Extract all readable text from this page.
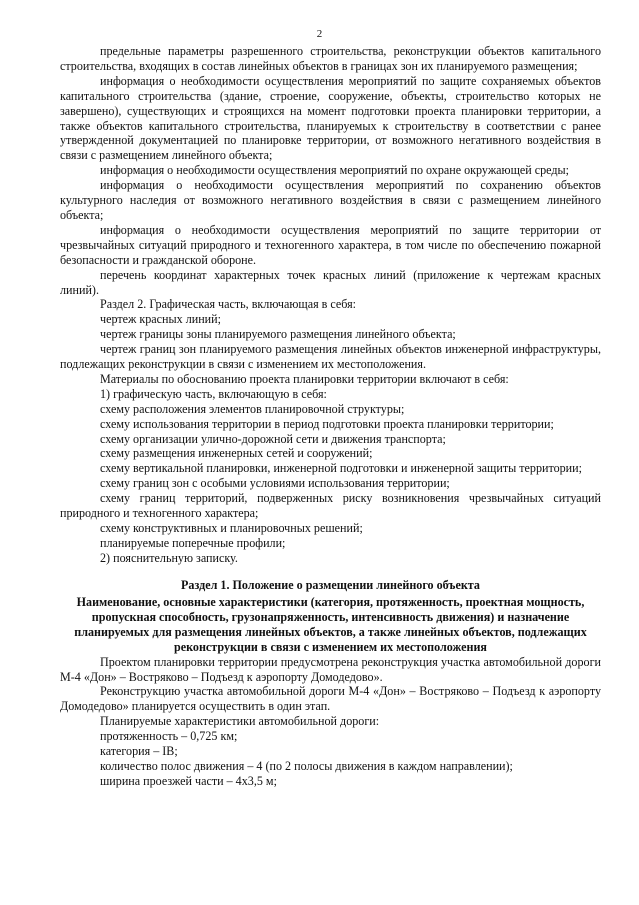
2

предельные параметры разрешенного строительства, реконструкции объектов капитального строительства, входящих в состав линейных объектов в границах зон их планируемого размещения;

информация о необходимости осуществления мероприятий по защите сохраняемых объектов капитального строительства (здание, строение, сооружение, объекты, строительство которых не завершено), существующих и строящихся на момент подготовки проекта планировки территории, а также объектов капитального строительства, планируемых к строительству в соответствии с ранее утвержденной документацией по планировке территории, от возможного негативного воздействия в связи с размещением линейного объекта;

информация о необходимости осуществления мероприятий по охране окружающей среды;

информация о необходимости осуществления мероприятий по сохранению объектов культурного наследия от возможного негативного воздействия в связи с размещением линейного объекта;

информация о необходимости осуществления мероприятий по защите территории от чрезвычайных ситуаций природного и техногенного характера, в том числе по обеспечению пожарной безопасности и гражданской обороне.

перечень координат характерных точек красных линий (приложение к чертежам красных линий).

Раздел 2. Графическая часть, включающая в себя:

чертеж красных линий;

чертеж границы зоны планируемого размещения линейного объекта;

чертеж границ зон планируемого размещения линейных объектов инженерной инфраструктуры, подлежащих реконструкции в связи с изменением их местоположения.

Материалы по обоснованию проекта планировки территории включают в себя:

1) графическую часть, включающую в себя:

схему расположения элементов планировочной структуры;

схему использования территории в период подготовки проекта планировки территории;

схему организации улично-дорожной сети и движения транспорта;

схему размещения инженерных сетей и сооружений;

схему вертикальной планировки, инженерной подготовки и инженерной защиты территории;

схему границ зон с особыми условиями использования территории;

схему границ территорий, подверженных риску возникновения чрезвычайных ситуаций природного и техногенного характера;

схему конструктивных и планировочных решений;

планируемые поперечные профили;

2) пояснительную записку.

Раздел 1. Положение о размещении линейного объекта

Наименование, основные характеристики (категория, протяженность, проектная мощность, пропускная способность, грузонапряженность, интенсивность движения) и назначение планируемых для размещения линейных объектов, а также линейных объектов, подлежащих реконструкции в связи с изменением их местоположения

Проектом планировки территории предусмотрена реконструкция участка автомобильной дороги М-4 «Дон» – Востряково – Подъезд к аэропорту Домодедово».

Реконструкцию участка автомобильной дороги М-4 «Дон» – Востряково – Подъезд к аэропорту Домодедово» планируется осуществить в один этап.

Планируемые характеристики автомобильной дороги:

протяженность – 0,725 км;

категория – IB;

количество полос движения – 4 (по 2 полосы движения в каждом направлении);

ширина проезжей части – 4х3,5 м;
